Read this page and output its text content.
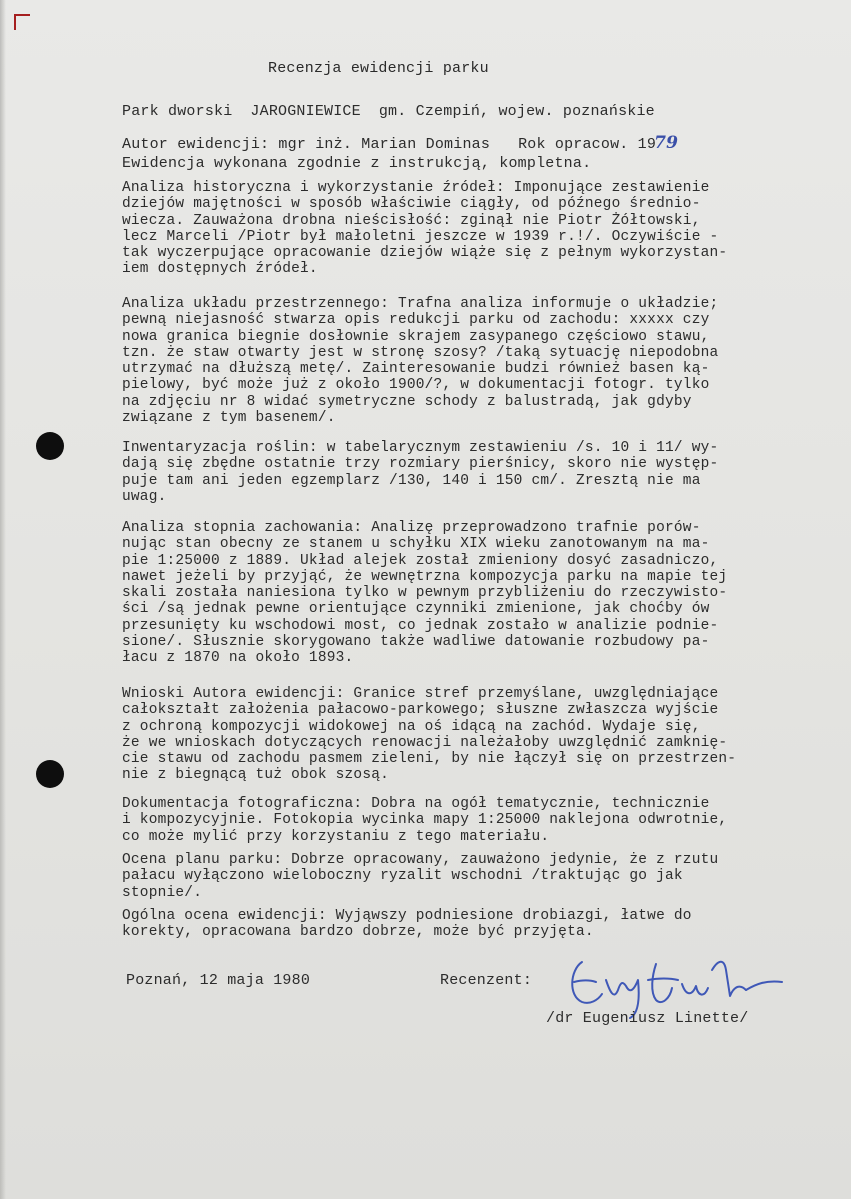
Recenzja ewidencji parku
Park dworski JAROGNIEWICE gm. Czempiń, wojew. poznańskie
Autor ewidencji: mgr inż. Marian Dominas Rok opracow. 1979
Ewidencja wykonana zgodnie z instrukcją, kompletna.
Analiza historyczna i wykorzystanie źródeł: Imponujące zestawienie
dziejów majętności w sposób właściwie ciągły, od późnego średnio-
wiecza. Zauważona drobna nieścisłość: zginął nie Piotr Żółtowski,
lecz Marceli /Piotr był małoletni jeszcze w 1939 r.!/. Oczywiście -
tak wyczerpujące opracowanie dziejów wiąże się z pełnym wykorzystan-
iem dostępnych źródeł.
Analiza układu przestrzennego: Trafna analiza informuje o układzie;
pewną niejasność stwarza opis redukcji parku od zachodu: xxxxx czy
nowa granica biegnie dosłownie skrajem zasypanego częściowo stawu,
tzn. że staw otwarty jest w stronę szosy? /taką sytuację niepodobna
utrzymać na dłuższą metę/. Zainteresowanie budzi również basen ką-
pielowy, być może już z około 1900/?, w dokumentacji fotogr. tylko
na zdjęciu nr 8 widać symetryczne schody z balustradą, jak gdyby
związane z tym basenem/.
Inwentaryzacja roślin: w tabelarycznym zestawieniu /s. 10 i 11/ wy-
dają się zbędne ostatnie trzy rozmiary pierśnicy, skoro nie występ-
puje tam ani jeden egzemplarz /130, 140 i 150 cm/. Zresztą nie ma
uwag.
Analiza stopnia zachowania: Analizę przeprowadzono trafnie porów-
nując stan obecny ze stanem u schyłku XIX wieku zanotowanym na ma-
pie 1:25000 z 1889. Układ alejek został zmieniony dosyć zasadniczo,
nawet jeżeli by przyjąć, że wewnętrzna kompozycja parku na mapie tej
skali została naniesiona tylko w pewnym przybliżeniu do rzeczywisto-
ści /są jednak pewne orientujące czynniki zmienione, jak choćby ów
przesunięty ku wschodowi most, co jednak zostało w analizie podnie-
sione/. Słusznie skorygowano także wadliwe datowanie rozbudowy pa-
łacu z 1870 na około 1893.
Wnioski Autora ewidencji: Granice stref przemyślane, uwzględniające
całokształt założenia pałacowo-parkowego; słuszne zwłaszcza wyjście
z ochroną kompozycji widokowej na oś idącą na zachód. Wydaje się,
że we wnioskach dotyczących renowacji należałoby uwzględnić zamknię-
cie stawu od zachodu pasmem zieleni, by nie łączył się on przestrzen-
nie z biegnącą tuż obok szosą.
Dokumentacja fotograficzna: Dobra na ogół tematycznie, technicznie
i kompozycyjnie. Fotokopia wycinka mapy 1:25000 naklejona odwrotnie,
co może mylić przy korzystaniu z tego materiału.
Ocena planu parku: Dobrze opracowany, zauważono jedynie, że z rzutu
pałacu wyłączono wieloboczny ryzalit wschodni /traktując go jak
stopnie/.
Ogólna ocena ewidencji: Wyjąwszy podniesione drobiazgi, łatwe do
korekty, opracowana bardzo dobrze, może być przyjęta.
Poznań, 12 maja 1980	Recenzent:
/dr Eugeniusz Linette/
